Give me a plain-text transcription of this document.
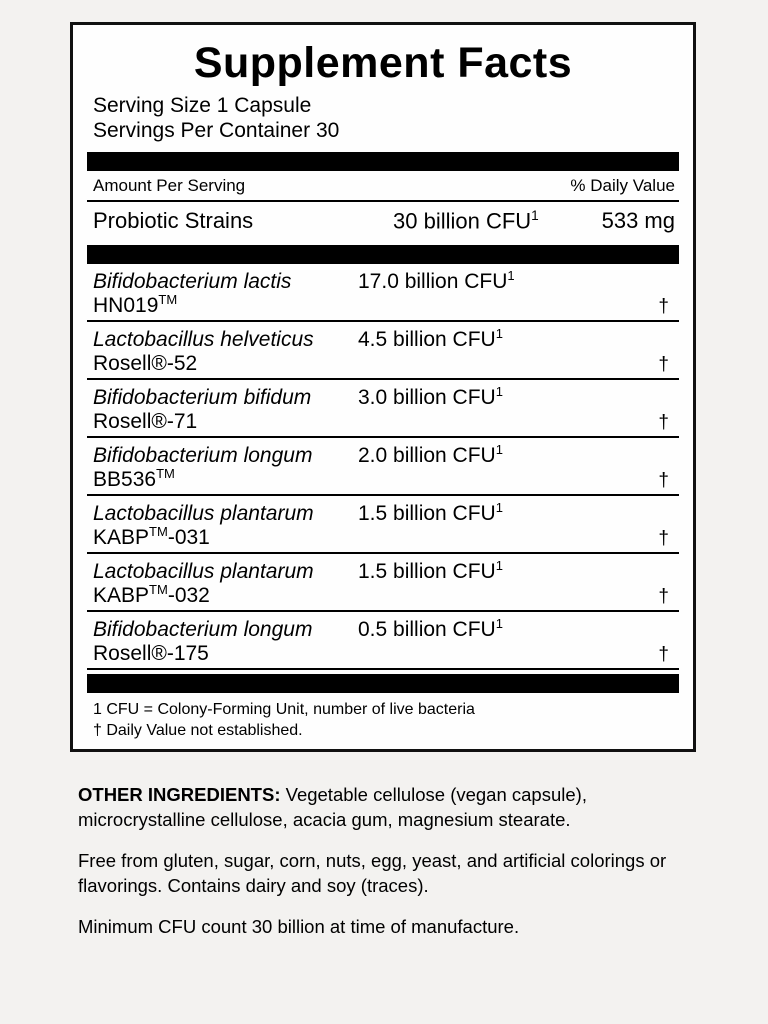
Supplement Facts
Serving Size 1 Capsule
Servings Per Container 30
Amount Per Serving	% Daily Value
Probiotic Strains	30 billion CFU$^1$	533 mg
Bifidobacterium lactis	17.0 billion CFU$^1$
HN019™	†
Lactobacillus helveticus	4.5 billion CFU$^1$
Rosell®-52	†
Bifidobacterium bifidum	3.0 billion CFU$^1$
Rosell®-71	†
Bifidobacterium longum	2.0 billion CFU$^1$
BB536™	†
Lactobacillus plantarum	1.5 billion CFU$^1$
KABP™-031	†
Lactobacillus plantarum	1.5 billion CFU$^1$
KABP™-032	†
Bifidobacterium longum	0.5 billion CFU$^1$
Rosell®-175	†
1 CFU = Colony-Forming Unit, number of live bacteria
† Daily Value not established.

OTHER INGREDIENTS: Vegetable cellulose (vegan capsule), microcrystalline cellulose, acacia gum, magnesium stearate.

Free from gluten, sugar, corn, nuts, egg, yeast, and artificial colorings or flavorings. Contains dairy and soy (traces).

Minimum CFU count 30 billion at time of manufacture.
